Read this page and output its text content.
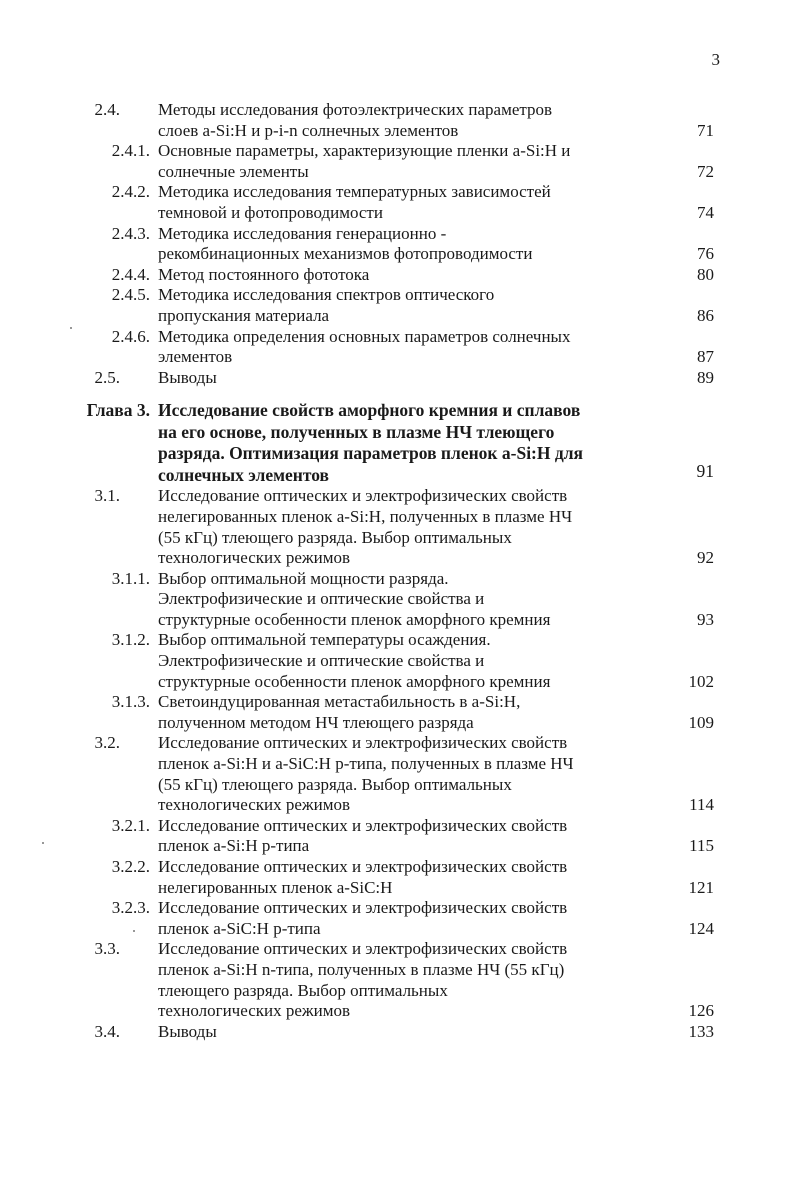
3
2.4. Методы исследования фотоэлектрических параметров
слоев a-Si:H и p-i-n солнечных элементов	71
2.4.1. Основные параметры, характеризующие пленки a-Si:H и
солнечные элементы	72
2.4.2. Методика исследования температурных зависимостей
темновой и фотопроводимости	74
2.4.3. Методика исследования генерационно -
рекомбинационных механизмов фотопроводимости	76
2.4.4. Метод постоянного фототока	80
2.4.5. Методика исследования спектров оптического
пропускания материала	86
2.4.6. Методика определения основных параметров солнечных
элементов	87
2.5. Выводы	89
Глава 3. Исследование свойств аморфного кремния и сплавов
на его основе, полученных в плазме НЧ тлеющего
разряда. Оптимизация параметров пленок a-Si:H для
солнечных элементов	91
3.1. Исследование оптических и электрофизических свойств
нелегированных пленок a-Si:H, полученных в плазме НЧ
(55 кГц) тлеющего разряда. Выбор оптимальных
технологических режимов	92
3.1.1. Выбор оптимальной мощности разряда.
Электрофизические и оптические свойства и
структурные особенности пленок аморфного кремния	93
3.1.2. Выбор оптимальной температуры осаждения.
Электрофизические и оптические свойства и
структурные особенности пленок аморфного кремния	102
3.1.3. Светоиндуцированная метастабильность в a-Si:H,
полученном методом НЧ тлеющего разряда	109
3.2. Исследование оптических и электрофизических свойств
пленок a-Si:H и a-SiC:H p-типа, полученных в плазме НЧ
(55 кГц) тлеющего разряда. Выбор оптимальных
технологических режимов	114
3.2.1. Исследование оптических и электрофизических свойств
пленок a-Si:H p-типа	115
3.2.2. Исследование оптических и электрофизических свойств
нелегированных пленок a-SiC:H	121
3.2.3. Исследование оптических и электрофизических свойств
пленок a-SiC:H p-типа	124
3.3. Исследование оптических и электрофизических свойств
пленок a-Si:H n-типа, полученных в плазме НЧ (55 кГц)
тлеющего разряда. Выбор оптимальных
технологических режимов	126
3.4. Выводы	133
